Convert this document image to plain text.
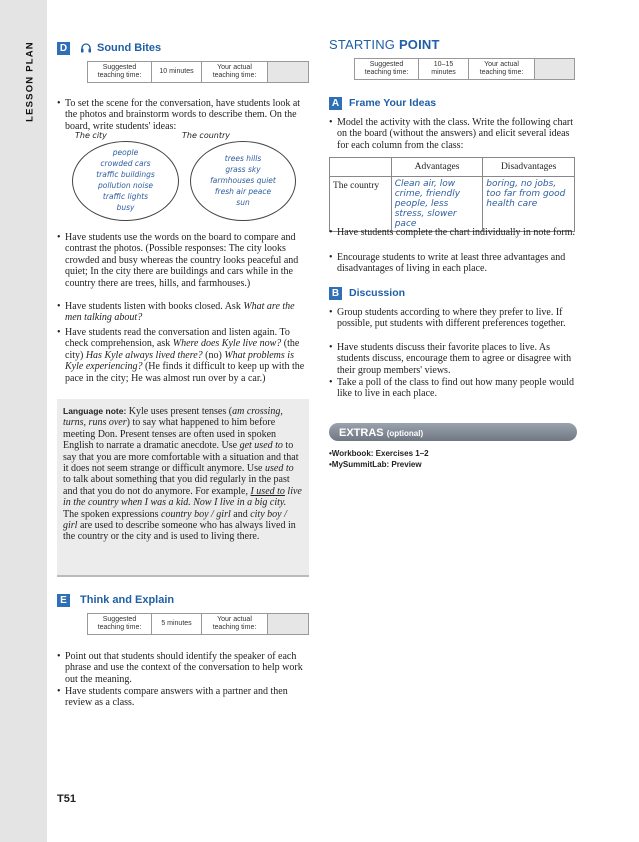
LESSON PLAN
T51
D	Sound Bites
Suggested teaching time:
10 minutes
Your actual teaching time:
• To set the scene for the conversation, have students look at the photos and brainstorm words to describe them. On the board, write students' ideas:
The city	The country
people
crowded cars
traffic buildings
pollution noise
traffic lights
busy
trees hills
grass sky
farmhouses quiet
fresh air peace
sun
• Have students use the words on the board to compare and contrast the photos. (Possible responses: The city looks crowded and busy whereas the country looks peaceful and quiet; In the city there are buildings and cars while in the country there are trees, hills, and farmhouses.)
• Have students listen with books closed. Ask What are the men talking about?
• Have students read the conversation and listen again. To check comprehension, ask Where does Kyle live now? (the city) Has Kyle always lived there? (no) What problems is Kyle experiencing? (He finds it difficult to keep up with the pace in the city; He was almost run over by a car.)

Language note: Kyle uses present tenses (am crossing, turns, runs over) to say what happened to him before meeting Don. Present tenses are often used in spoken English to narrate a dramatic anecdote. Use get used to to say that you are more comfortable with a situation and that it does not seem strange or difficult anymore. Use used to to talk about something that you did regularly in the past and that you do not do anymore. For example, I used to live in the country when I was a kid. Now I live in a big city. The spoken expressions country boy / girl and city boy / girl are used to describe someone who has always lived in the country or the city and is used to living there.

E Think and Explain
Suggested teaching time:
5 minutes
Your actual teaching time:
• Point out that students should identify the speaker of each phrase and use the context of the conversation to help work out the meaning.
• Have students compare answers with a partner and then review as a class.
STARTING POINT
Suggested teaching time:
10–15 minutes
Your actual teaching time:
A Frame Your Ideas
• Model the activity with the class. Write the following chart on the board (without the answers) and elicit several ideas for each column from the class:
	Advantages	Disadvantages
The country	Clean air, low crime, friendly people, less stress, slower pace	boring, no jobs, too far from good health care
• Have students complete the chart individually in note form.
• Encourage students to write at least three advantages and disadvantages of living in each place.
B Discussion
• Group students according to where they prefer to live. If possible, put students with different preferences together.
• Have students discuss their favorite places to live. As students discuss, encourage them to agree or disagree with their group members' views.
• Take a poll of the class to find out how many people would like to live in each place.
EXTRAS (optional)
•Workbook: Exercises 1–2
•MySummitLab: Preview
